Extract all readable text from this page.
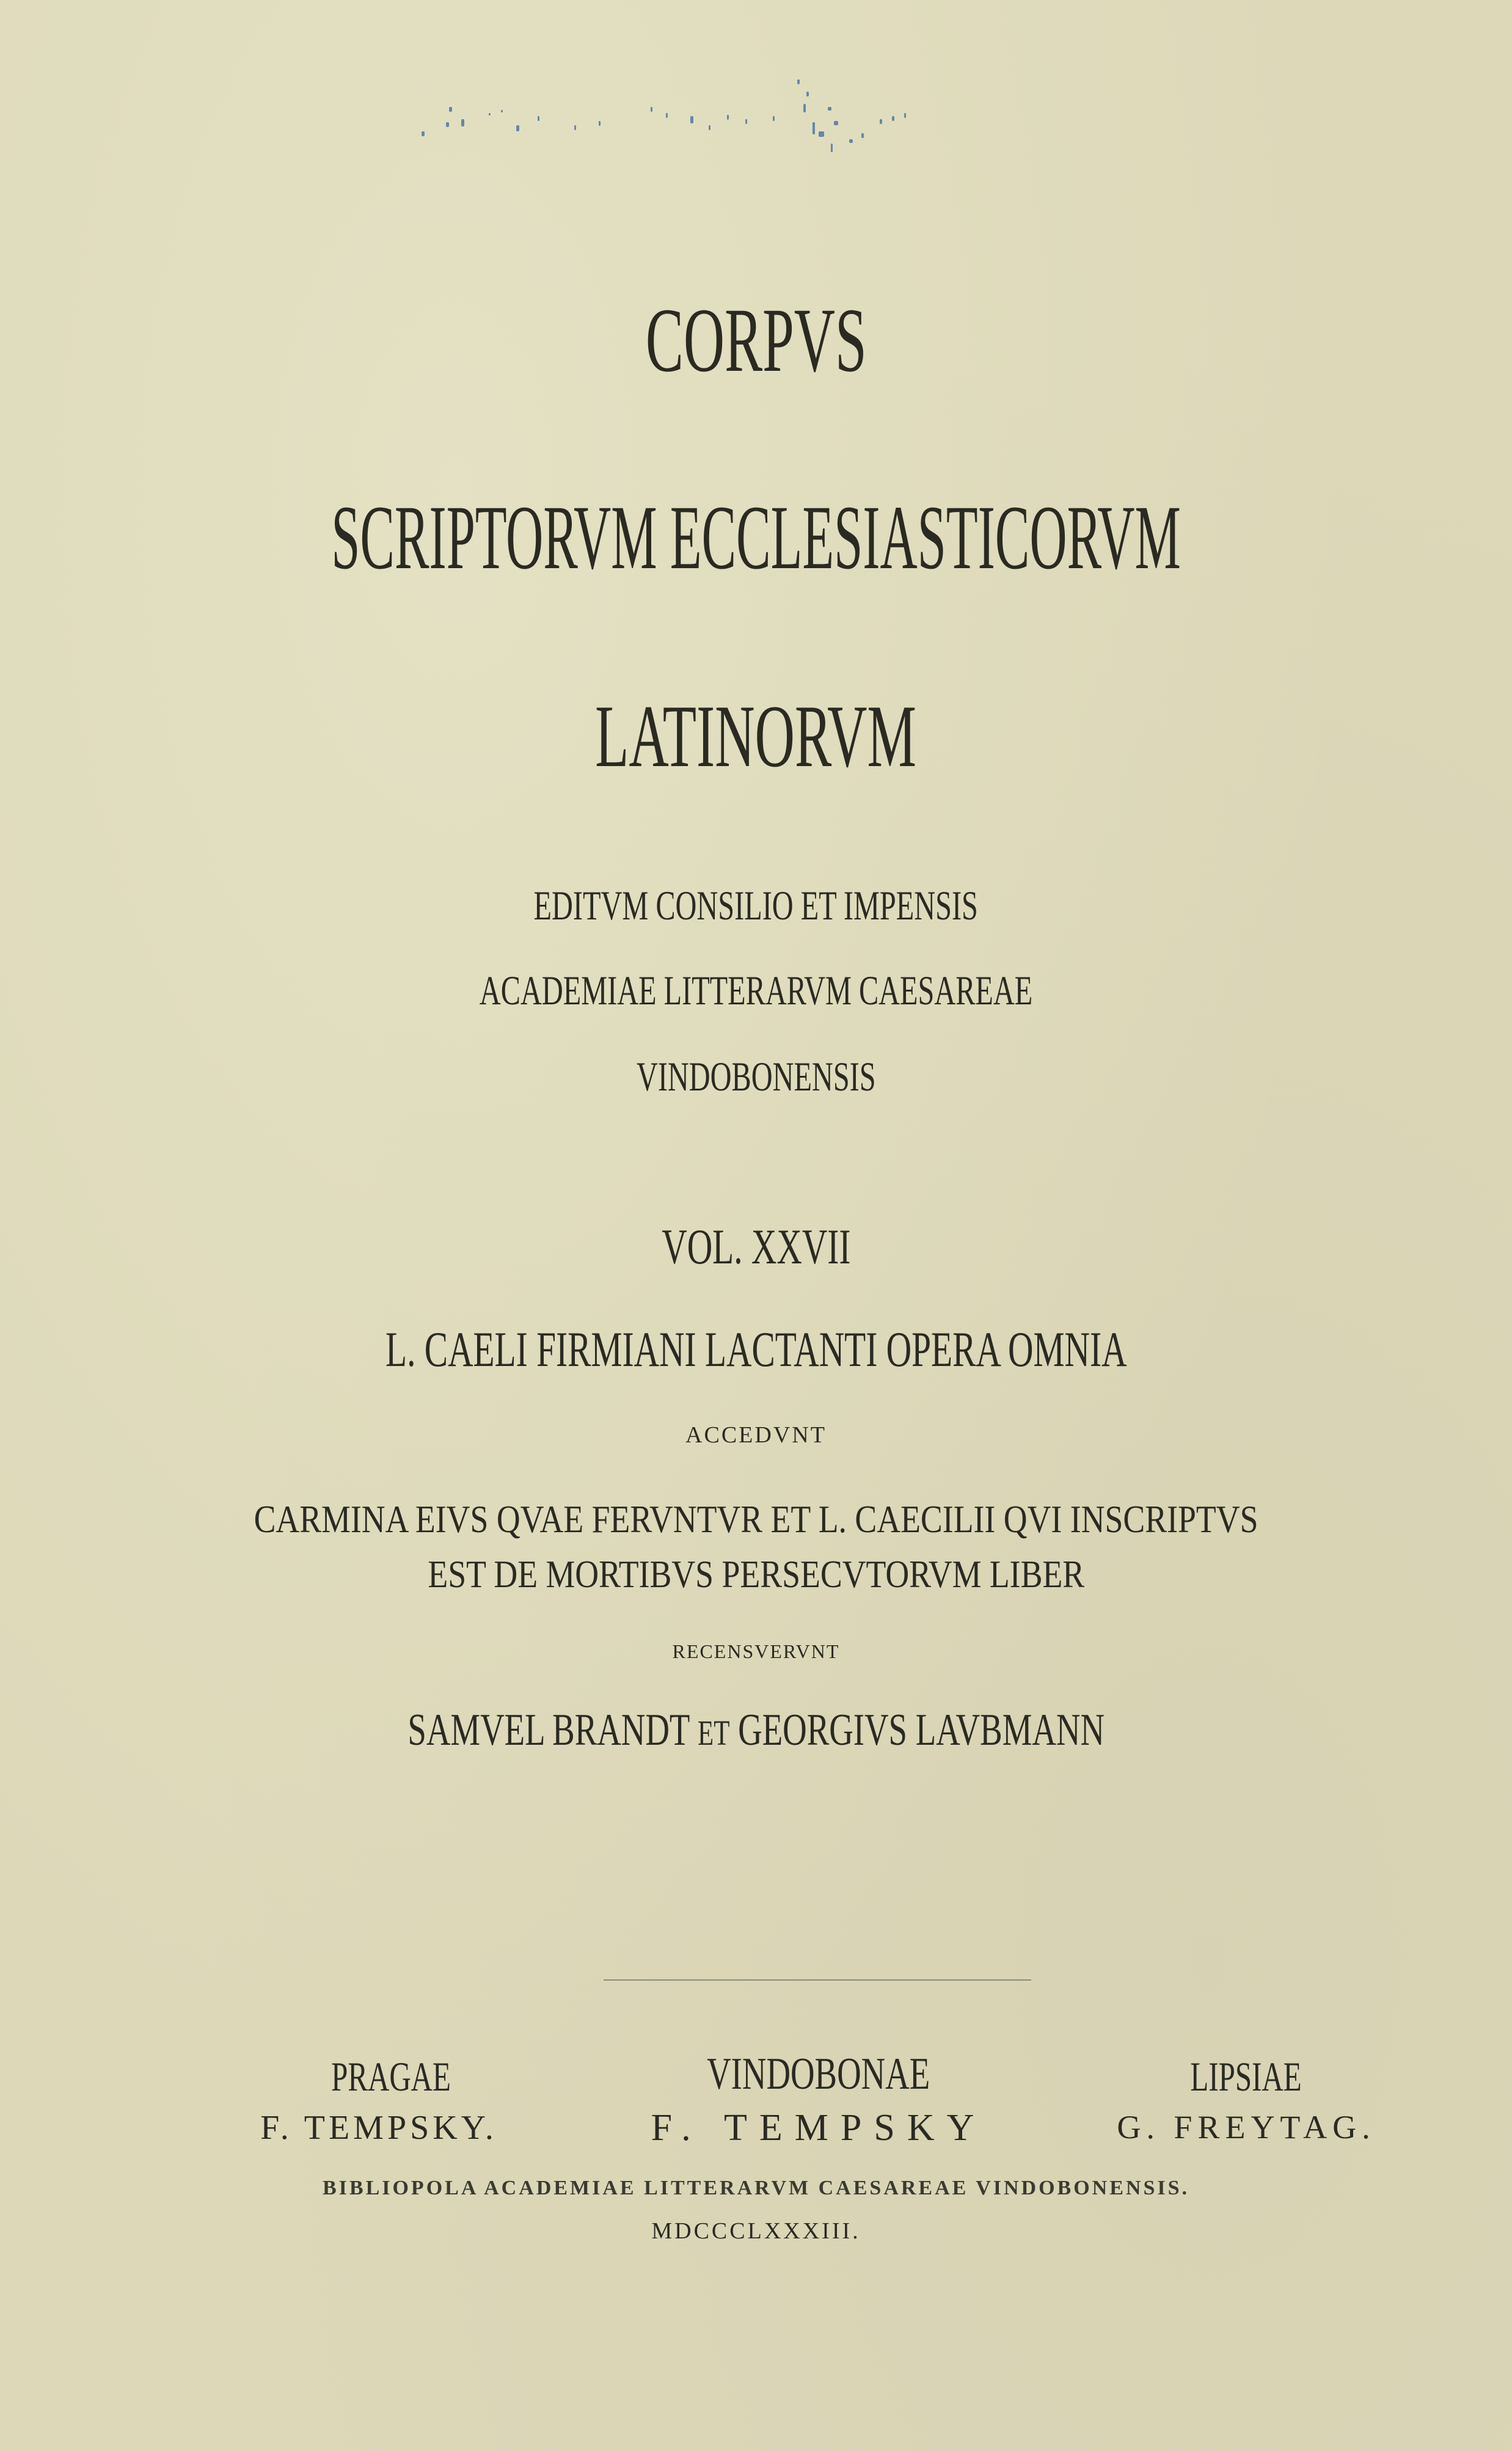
CORPVS
SCRIPTORVM ECCLESIASTICORVM
LATINORVM
EDITVM CONSILIO ET IMPENSIS
ACADEMIAE LITTERARVM CAESAREAE
VINDOBONENSIS
VOL. XXVII
L. CAELI FIRMIANI LACTANTI OPERA OMNIA
ACCEDVNT
CARMINA EIVS QVAE FERVNTVR ET L. CAECILII QVI INSCRIPTVS
EST DE MORTIBVS PERSECVTORVM LIBER
RECENSVERVNT
SAMVEL BRANDT ET GEORGIVS LAVBMANN
PRAGAE
F. TEMPSKY.
VINDOBONAE
F. TEMPSKY
LIPSIAE
G. FREYTAG.
BIBLIOPOLA ACADEMIAE LITTERARVM CAESAREAE VINDOBONENSIS.
MDCCCLXXXIII.
